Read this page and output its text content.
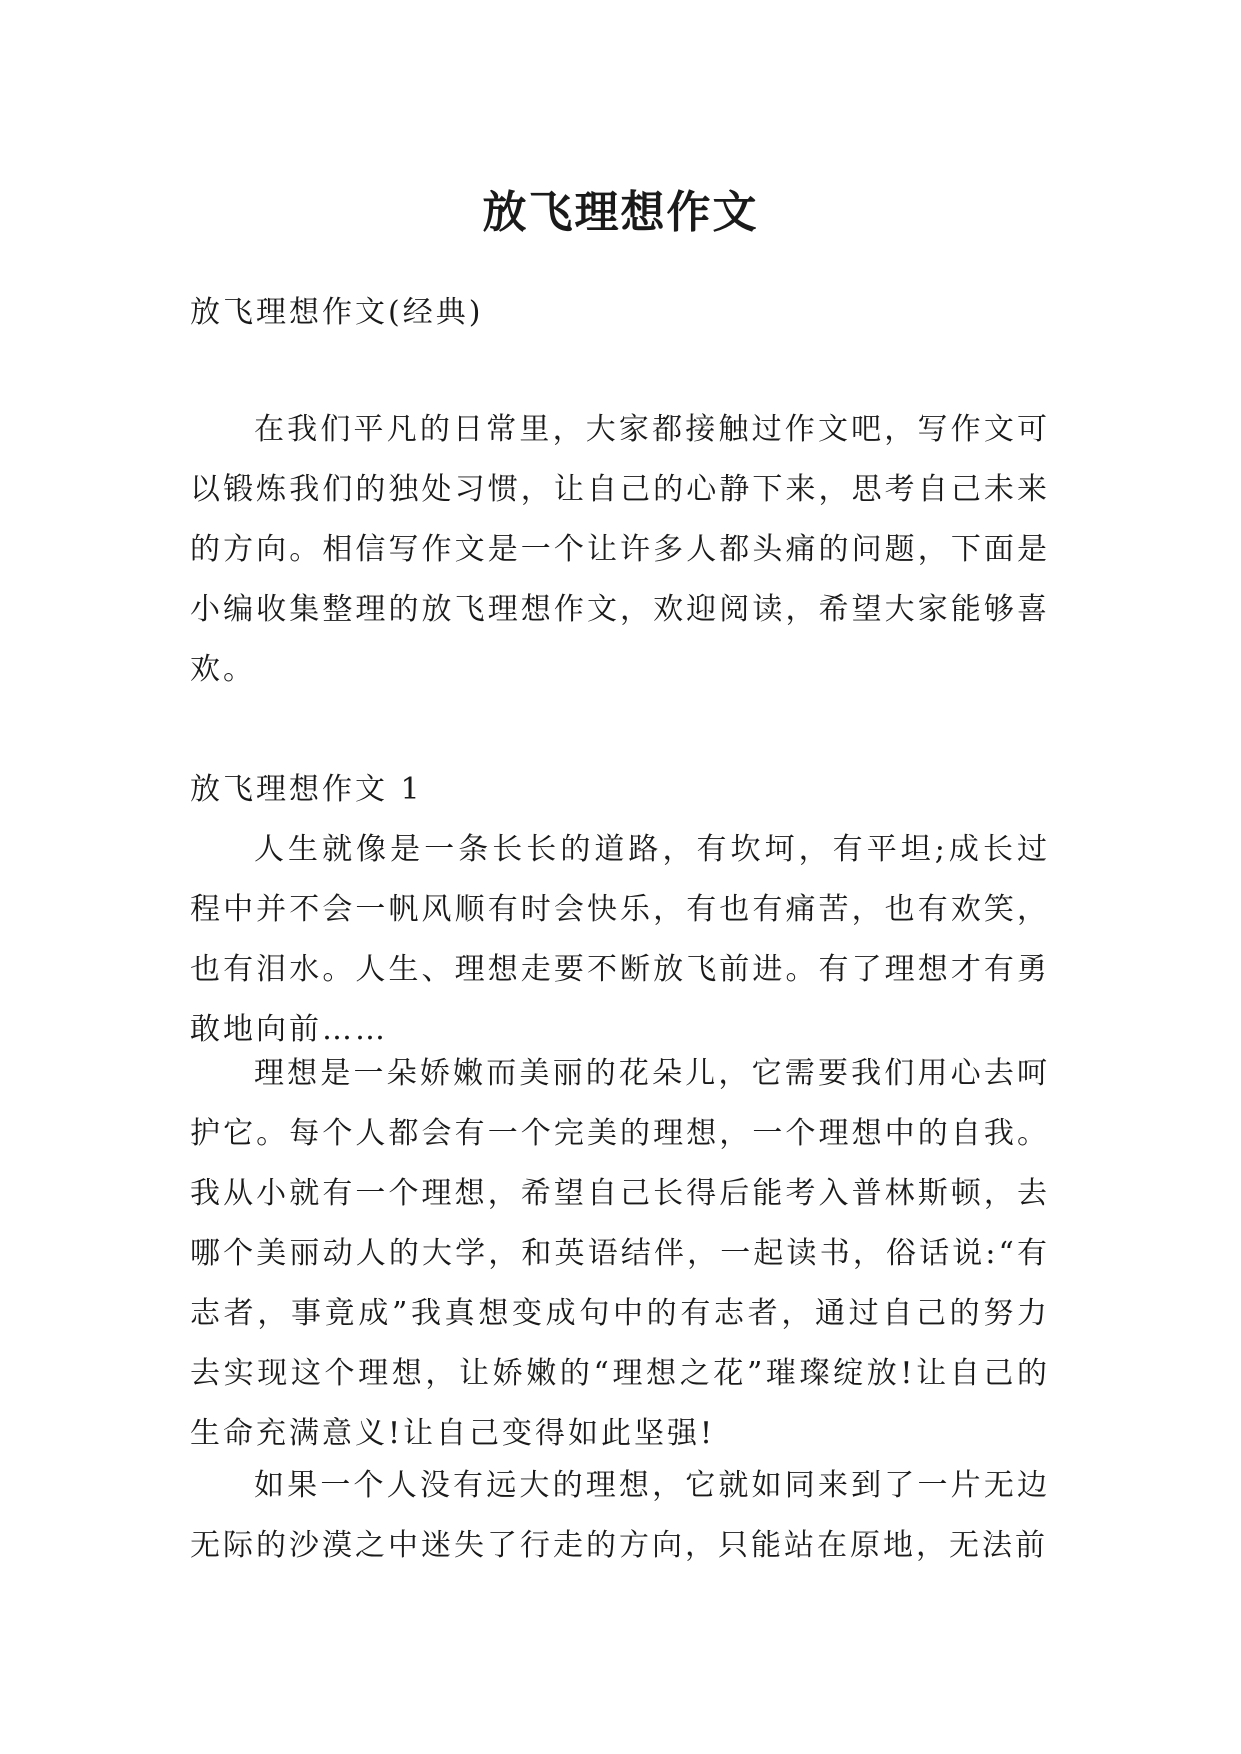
放飞理想作文

放飞理想作文(经典)

在我们平凡的日常里，大家都接触过作文吧，写作文可以锻炼我们的独处习惯，让自己的心静下来，思考自己未来的方向。相信写作文是一个让许多人都头痛的问题，下面是小编收集整理的放飞理想作文，欢迎阅读，希望大家能够喜欢。

放飞理想作文 1

人生就像是一条长长的道路，有坎坷，有平坦;成长过程中并不会一帆风顺有时会快乐，有也有痛苦，也有欢笑，也有泪水。人生、理想走要不断放飞前进。有了理想才有勇敢地向前……

理想是一朵娇嫩而美丽的花朵儿，它需要我们用心去呵护它。每个人都会有一个完美的理想，一个理想中的自我。我从小就有一个理想，希望自己长得后能考入普林斯顿，去哪个美丽动人的大学，和英语结伴，一起读书，俗话说:“有志者，事竟成”我真想变成句中的有志者，通过自己的努力去实现这个理想，让娇嫩的“理想之花”璀璨绽放!让自己的生命充满意义!让自己变得如此坚强!

如果一个人没有远大的理想，它就如同来到了一片无边无际的沙漠之中迷失了行走的方向，只能站在原地，无法前
